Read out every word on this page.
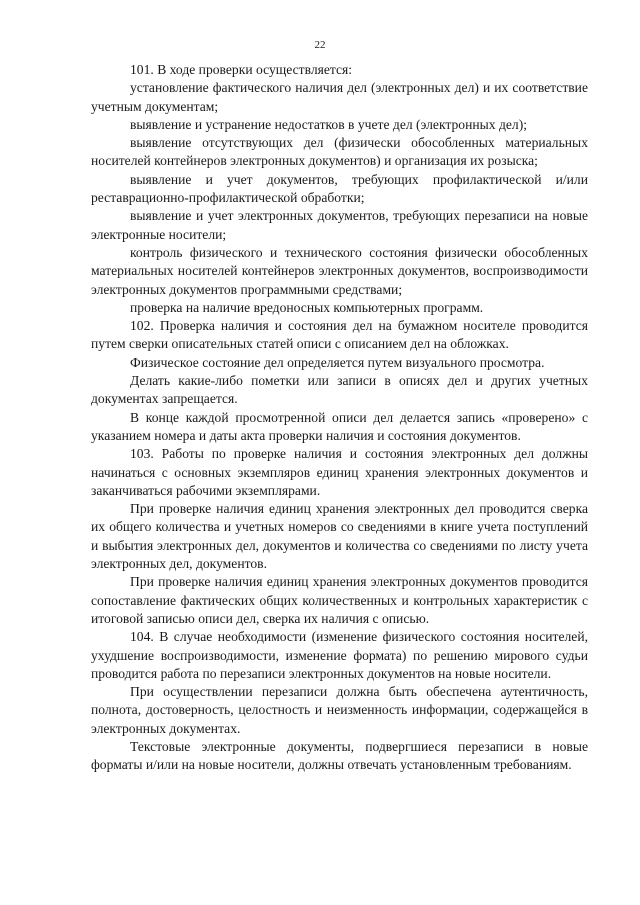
22

101. В ходе проверки осуществляется:

установление фактического наличия дел (электронных дел) и их соответствие учетным документам;

выявление и устранение недостатков в учете дел (электронных дел);

выявление отсутствующих дел (физически обособленных материальных носителей контейнеров электронных документов) и организация их розыска;

выявление и учет документов, требующих профилактической и/или реставрационно-профилактической обработки;

выявление и учет электронных документов, требующих перезаписи на новые электронные носители;

контроль физического и технического состояния физически обособленных материальных носителей контейнеров электронных документов, воспроизводимости электронных документов программными средствами;

проверка на наличие вредоносных компьютерных программ.

102. Проверка наличия и состояния дел на бумажном носителе проводится путем сверки описательных статей описи с описанием дел на обложках.

Физическое состояние дел определяется путем визуального просмотра.

Делать какие-либо пометки или записи в описях дел и других учетных документах запрещается.

В конце каждой просмотренной описи дел делается запись «проверено» с указанием номера и даты акта проверки наличия и состояния документов.

103. Работы по проверке наличия и состояния электронных дел должны начинаться с основных экземпляров единиц хранения электронных документов и заканчиваться рабочими экземплярами.

При проверке наличия единиц хранения электронных дел проводится сверка их общего количества и учетных номеров со сведениями в книге учета поступлений и выбытия электронных дел, документов и количества со сведениями по листу учета электронных дел, документов.

При проверке наличия единиц хранения электронных документов проводится сопоставление фактических общих количественных и контрольных характеристик с итоговой записью описи дел, сверка их наличия с описью.

104. В случае необходимости (изменение физического состояния носителей, ухудшение воспроизводимости, изменение формата) по решению мирового судьи проводится работа по перезаписи электронных документов на новые носители.

При осуществлении перезаписи должна быть обеспечена аутентичность, полнота, достоверность, целостность и неизменность информации, содержащейся в электронных документах.

Текстовые электронные документы, подвергшиеся перезаписи в новые форматы и/или на новые носители, должны отвечать установленным требованиям.
